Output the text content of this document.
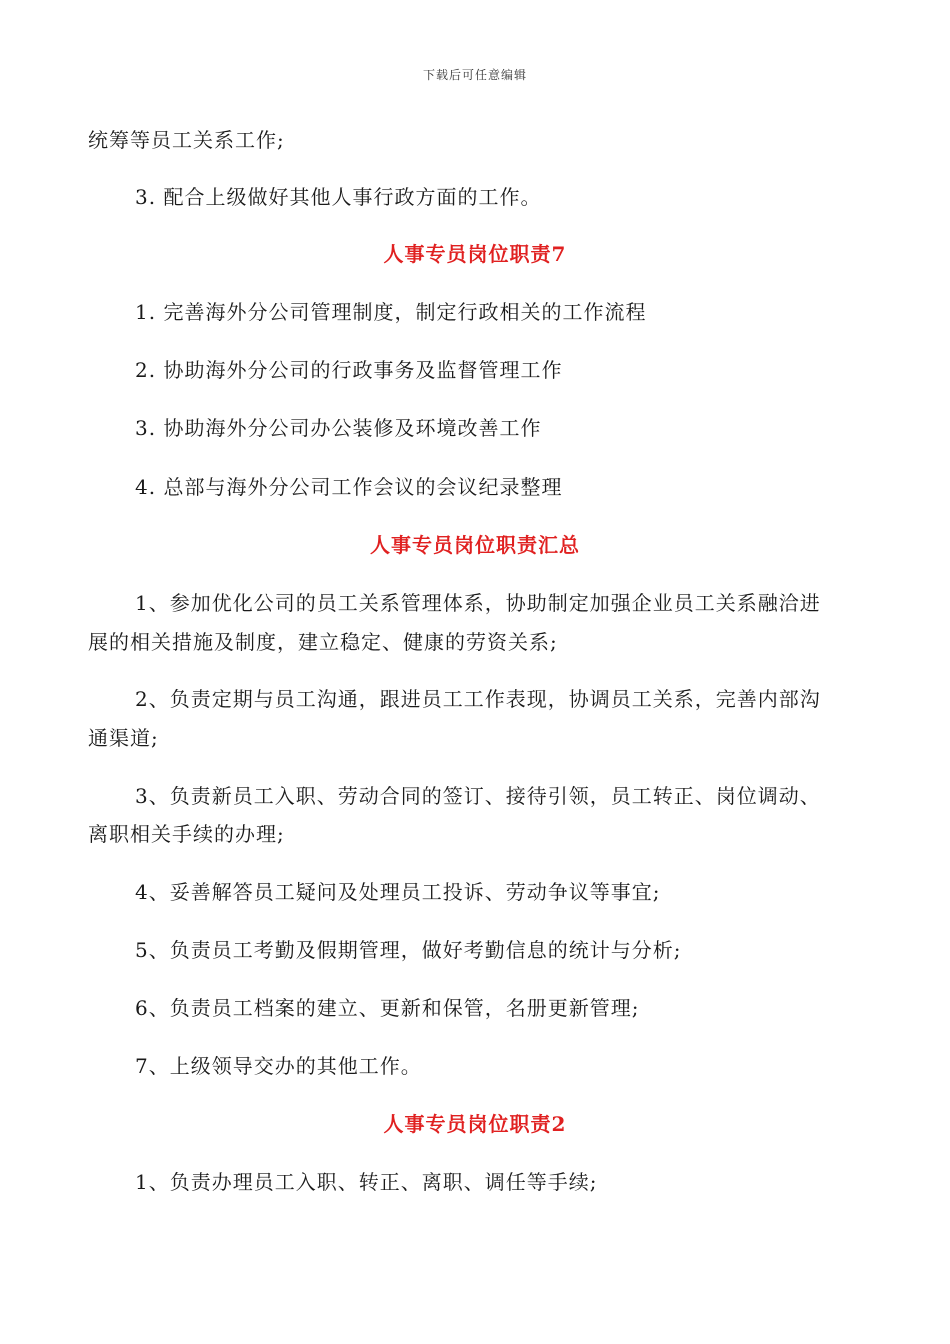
下载后可任意编辑
统筹等员工关系工作;
3. 配合上级做好其他人事行政方面的工作。
人事专员岗位职责7
1. 完善海外分公司管理制度，制定行政相关的工作流程
2. 协助海外分公司的行政事务及监督管理工作
3. 协助海外分公司办公装修及环境改善工作
4. 总部与海外分公司工作会议的会议纪录整理
人事专员岗位职责汇总
1、参加优化公司的员工关系管理体系，协助制定加强企业员工关系融洽进
展的相关措施及制度，建立稳定、健康的劳资关系;
2、负责定期与员工沟通，跟进员工工作表现，协调员工关系，完善内部沟
通渠道;
3、负责新员工入职、劳动合同的签订、接待引领，员工转正、岗位调动、
离职相关手续的办理;
4、妥善解答员工疑问及处理员工投诉、劳动争议等事宜;
5、负责员工考勤及假期管理，做好考勤信息的统计与分析;
6、负责员工档案的建立、更新和保管，名册更新管理;
7、上级领导交办的其他工作。
人事专员岗位职责2
1、负责办理员工入职、转正、离职、调任等手续;
